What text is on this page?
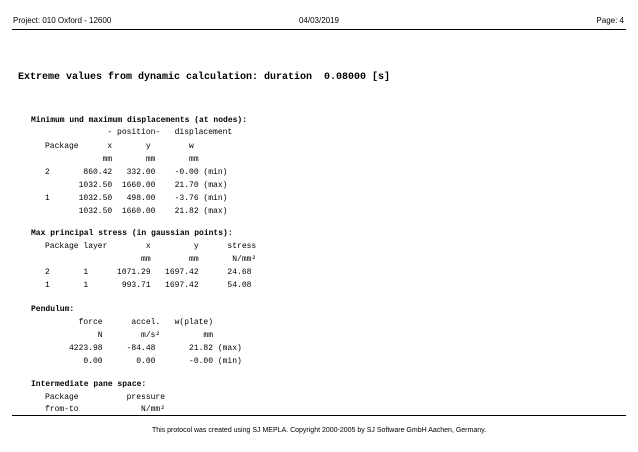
Project: 010 Oxford - 12600	04/03/2019	Page: 4
Extreme values from dynamic calculation: duration  0.08000 [s]
Minimum und maximum displacements (at nodes):
- position-   displacement
Package      x       y        w
mm       mm       mm
2       860.42   332.00    -0.00 (min)
1032.50  1660.00    21.70 (max)
1      1032.50   498.00    -3.76 (min)
1032.50  1660.00    21.82 (max)
Max principal stress (in gaussian points):
Package layer        x         y      stress
mm        mm       N/mm²
2       1      1071.29   1697.42      24.68
1       1       993.71   1697.42      54.08
Pendulum:
force      accel.   w(plate)
N        m/s²         mm
4223.98     -84.48       21.82 (max)
0.00       0.00       -0.00 (min)
Intermediate pane space:
Package          pressure
from-to             N/mm²
This protocol was created using SJ MEPLA. Copyright 2000-2005 by SJ Software GmbH Aachen, Germany.
